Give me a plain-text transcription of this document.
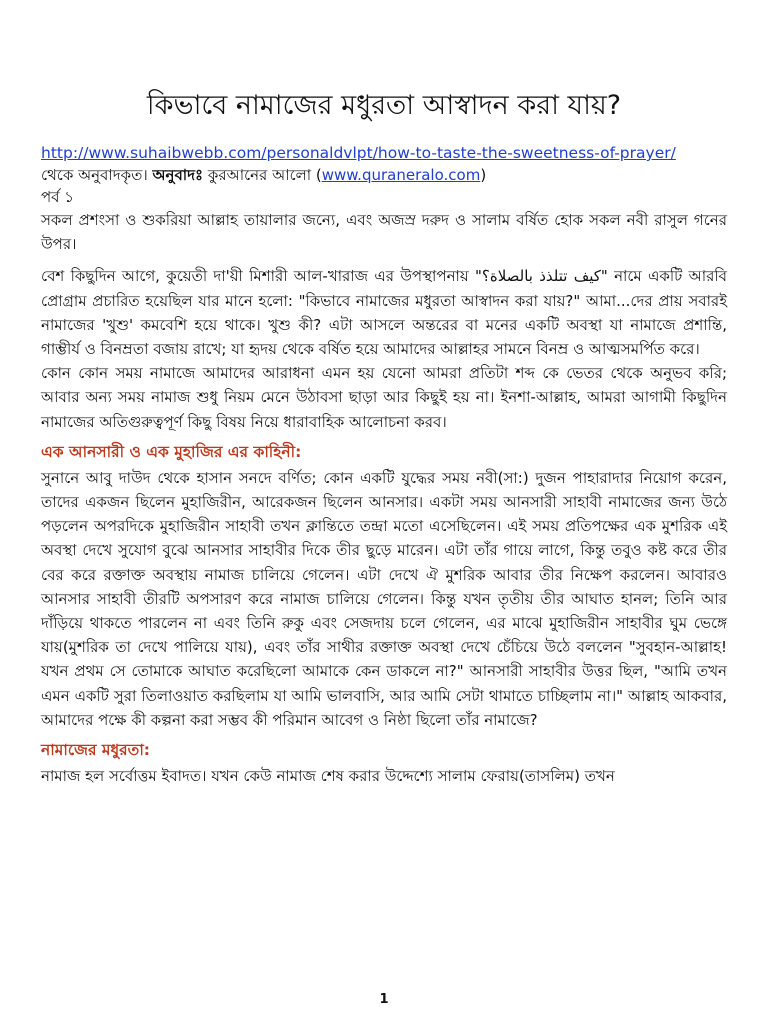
কিভাবে নামাজের মধুরতা আস্বাদন করা যায়?
http://www.suhaibwebb.com/personaldvlpt/how-to-taste-the-sweetness-of-prayer/
থেকে অনুবাদকৃত। অনুবাদঃ কুরআনের আলো (www.quraneralo.com)
পর্ব ১

সকল প্রশংসা ও শুকরিয়া আল্লাহ তায়ালার জন্যে, এবং অজস্র দরুদ ও সালাম বর্ষিত হোক সকল নবী রাসুল গনের উপর।

বেশ কিছুদিন আগে, কুয়েতী দা'য়ী মিশারী আল-খারাজ এর উপস্থাপনায় "كيف تتلذذ بالصلاة؟" নামে একটি আরবি প্রোগ্রাম প্রচারিত হয়েছিল যার মানে হলো: "কিভাবে নামাজের মধুরতা আস্বাদন করা যায়?" আমা...দের প্রায় সবারই নামাজের 'খুশু' কমবেশি হয়ে থাকে। খুশু কী? এটা আসলে অন্তরের বা মনের একটি অবস্থা যা নামাজে প্রশান্তি, গাম্ভীর্য ও বিনম্রতা বজায় রাখে; যা হৃদয় থেকে বর্ষিত হয়ে আমাদের আল্লাহর সামনে বিনম্র ও আত্মসমর্পিত করে।

কোন কোন সময় নামাজে আমাদের আরাধনা এমন হয় যেনো আমরা প্রতিটা শব্দ কে ভেতর থেকে অনুভব করি; আবার অন্য সময় নামাজ শুধু নিয়ম মেনে উঠাবসা ছাড়া আর কিছুই হয় না। ইনশা-আল্লাহ, আমরা আগামী কিছুদিন নামাজের অতিগুরুত্বপূর্ণ কিছু বিষয় নিয়ে ধারাবাহিক আলোচনা করব।

এক আনসারী ও এক মুহাজির এর কাহিনী:

সুনানে আবু দাউদ থেকে হাসান সনদে বর্ণিত; কোন একটি যুদ্ধের সময় নবী(সা:) দুজন পাহারাদার নিয়োগ করেন, তাদের একজন ছিলেন মুহাজিরীন, আরেকজন ছিলেন আনসার। একটা সময় আনসারী সাহাবী নামাজের জন্য উঠে পড়লেন অপরদিকে মুহাজিরীন সাহাবী তখন ক্লান্তিতে তন্দ্রা মতো এসেছিলেন। এই সময় প্রতিপক্ষের এক মুশরিক এই অবস্থা দেখে সুযোগ বুঝে আনসার সাহাবীর দিকে তীর ছুড়ে মারেন। এটা তাঁর গায়ে লাগে, কিন্তু তবুও কষ্ট করে তীর বের করে রক্তাক্ত অবস্থায় নামাজ চালিয়ে গেলেন। এটা দেখে ঐ মুশরিক আবার তীর নিক্ষেপ করলেন। আবারও আনসার সাহাবী তীরটি অপসারণ করে নামাজ চালিয়ে গেলেন। কিন্তু যখন তৃতীয় তীর আঘাত হানল; তিনি আর দাঁড়িয়ে থাকতে পারলেন না এবং তিনি রুকু এবং সেজদায় চলে গেলেন, এর মাঝে মুহাজিরীন সাহাবীর ঘুম ভেঙ্গে যায়(মুশরিক তা দেখে পালিয়ে যায়), এবং তাঁর সাথীর রক্তাক্ত অবস্থা দেখে চেঁচিয়ে উঠে বললেন "সুবহান-আল্লাহ! যখন প্রথম সে তোমাকে আঘাত করেছিলো আমাকে কেন ডাকলে না?" আনসারী সাহাবীর উত্তর ছিল, "আমি তখন এমন একটি সুরা তিলাওয়াত করছিলাম যা আমি ভালবাসি, আর আমি সেটা থামাতে চাচ্ছিলাম না।" আল্লাহ আকবার, আমাদের পক্ষে কী কল্পনা করা সম্ভব কী পরিমান আবেগ ও নিষ্ঠা ছিলো তাঁর নামাজে?

নামাজের মধুরতা:

নামাজ হল সর্বোত্তম ইবাদত। যখন কেউ নামাজ শেষ করার উদ্দেশ্যে সালাম ফেরায়(তাসলিম) তখন

1
